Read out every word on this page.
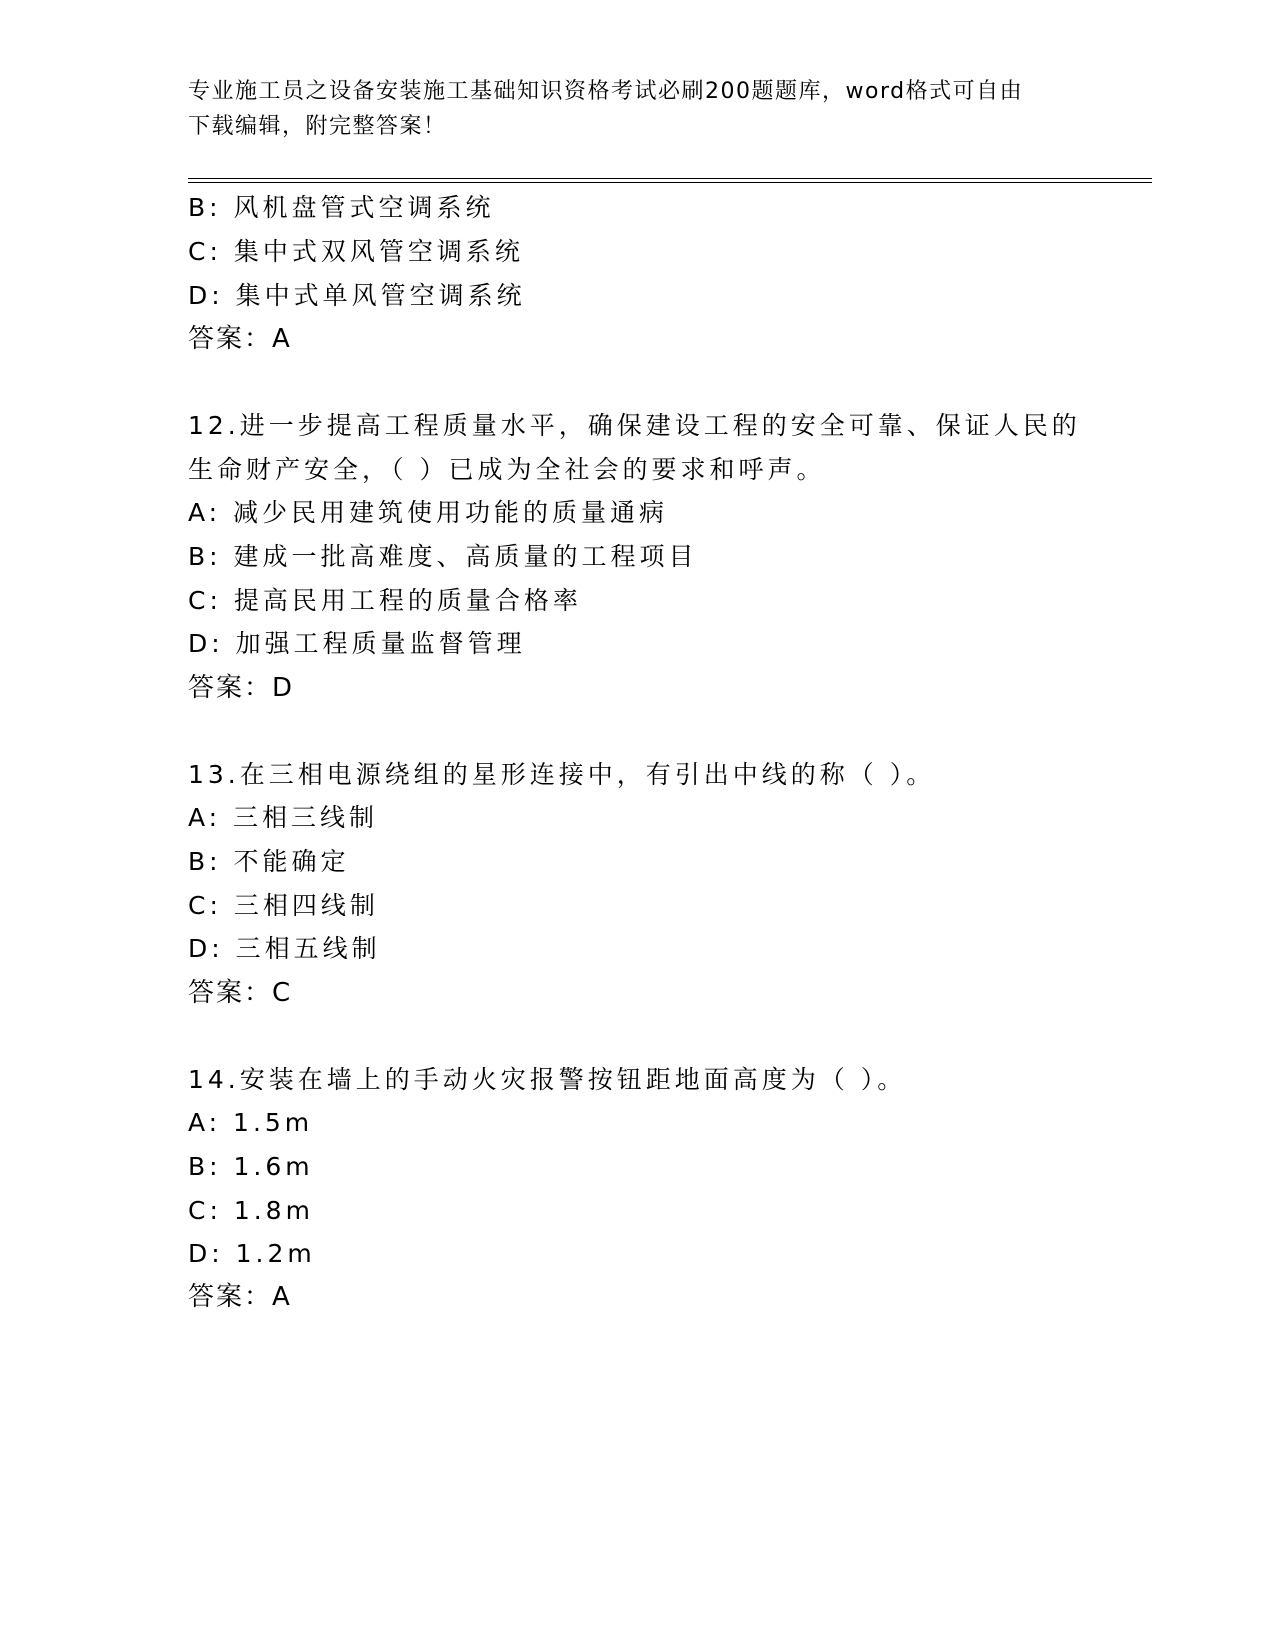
专业施工员之设备安装施工基础知识资格考试必刷200题题库，word格式可自由
下载编辑，附完整答案！
B: 风机盘管式空调系统
C: 集中式双风管空调系统
D: 集中式单风管空调系统
答案：A
12.进一步提高工程质量水平，确保建设工程的安全可靠、保证人民的
生命财产安全，（ ）已成为全社会的要求和呼声。
A: 减少民用建筑使用功能的质量通病
B: 建成一批高难度、高质量的工程项目
C: 提高民用工程的质量合格率
D: 加强工程质量监督管理
答案：D
13.在三相电源绕组的星形连接中，有引出中线的称（ ）。
A: 三相三线制
B: 不能确定
C: 三相四线制
D: 三相五线制
答案：C
14.安装在墙上的手动火灾报警按钮距地面高度为（ ）。
A: 1.5m
B: 1.6m
C: 1.8m
D: 1.2m
答案：A
